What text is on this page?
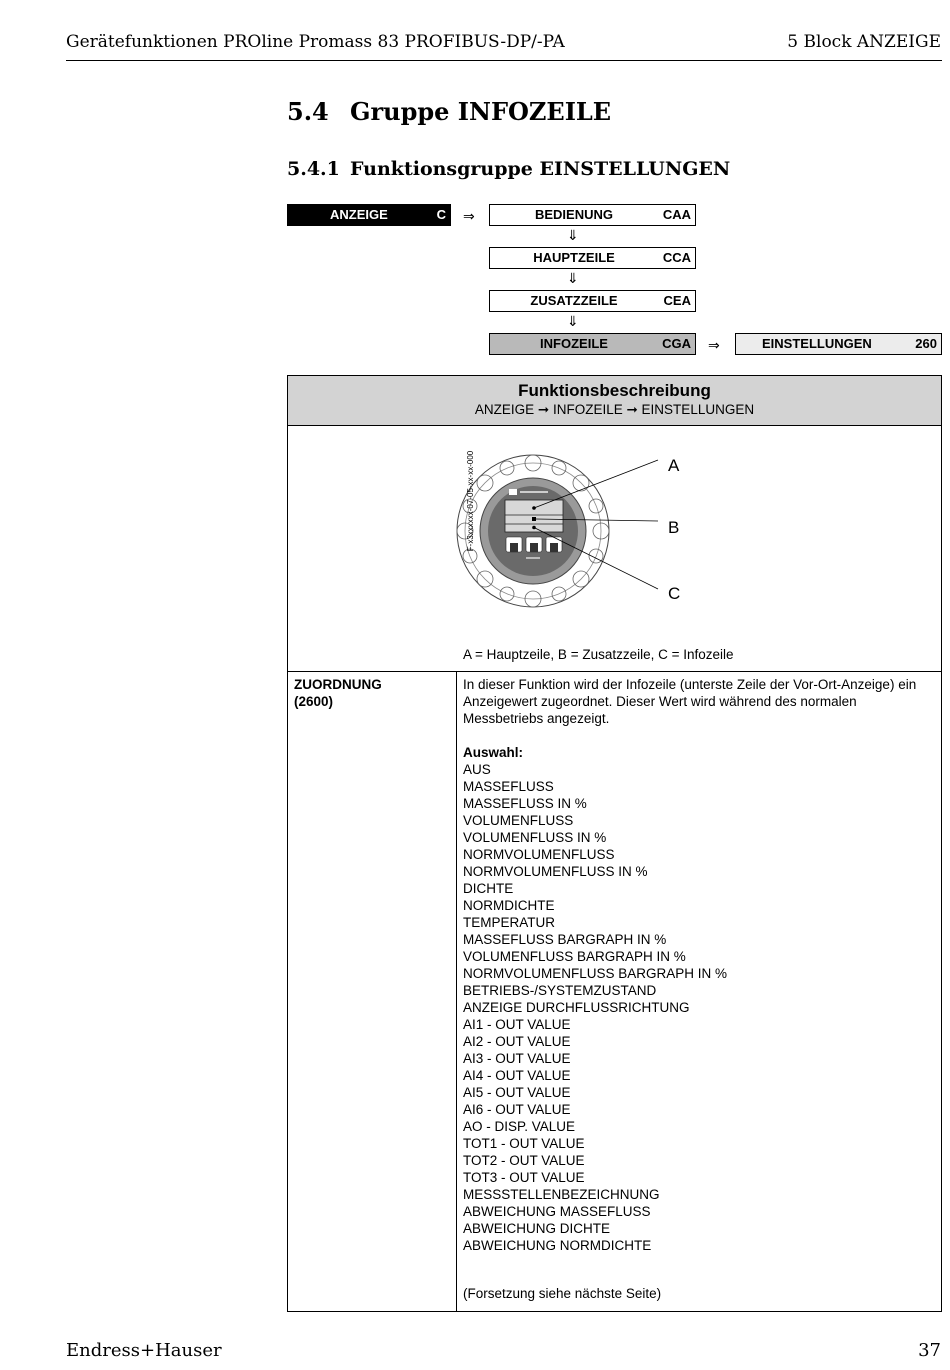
Gerätefunktionen PROline Promass 83 PROFIBUS-DP/-PA	5 Block ANZEIGE
5.4 Gruppe INFOZEILE
5.4.1 Funktionsgruppe EINSTELLUNGEN
ANZEIGE	C ⇒	BEDIENUNG	CAA
⇓
HAUPTZEILE	CCA
⇓
ZUSATZZEILE	CEA
⇓
INFOZEILE	CGA ⇒	EINSTELLUNGEN	260
Funktionsbeschreibung
ANZEIGE ➞ INFOZEILE ➞ EINSTELLUNGEN
F-x3xxxxxx-07-05-xx-xx-000	A
B
C
A = Hauptzeile, B = Zusatzzeile, C = Infozeile
ZUORDNUNG
(2600)

In dieser Funktion wird der Infozeile (unterste Zeile der Vor-Ort-Anzeige) ein Anzeigewert zugeordnet. Dieser Wert wird während des normalen Messbetriebs angezeigt.

Auswahl:

AUS
MASSEFLUSS
MASSEFLUSS IN %
VOLUMENFLUSS
VOLUMENFLUSS IN %
NORMVOLUMENFLUSS
NORMVOLUMENFLUSS IN %
DICHTE
NORMDICHTE
TEMPERATUR
MASSEFLUSS BARGRAPH IN %
VOLUMENFLUSS BARGRAPH IN %
NORMVOLUMENFLUSS BARGRAPH IN %
BETRIEBS-/SYSTEMZUSTAND
ANZEIGE DURCHFLUSSRICHTUNG
AI1 - OUT VALUE
AI2 - OUT VALUE
AI3 - OUT VALUE
AI4 - OUT VALUE
AI5 - OUT VALUE
AI6 - OUT VALUE
AO - DISP. VALUE
TOT1 - OUT VALUE
TOT2 - OUT VALUE
TOT3 - OUT VALUE
MESSSTELLENBEZEICHNUNG
ABWEICHUNG MASSEFLUSS
ABWEICHUNG DICHTE
ABWEICHUNG NORMDICHTE
(Forsetzung siehe nächste Seite)
Endress+Hauser	37
